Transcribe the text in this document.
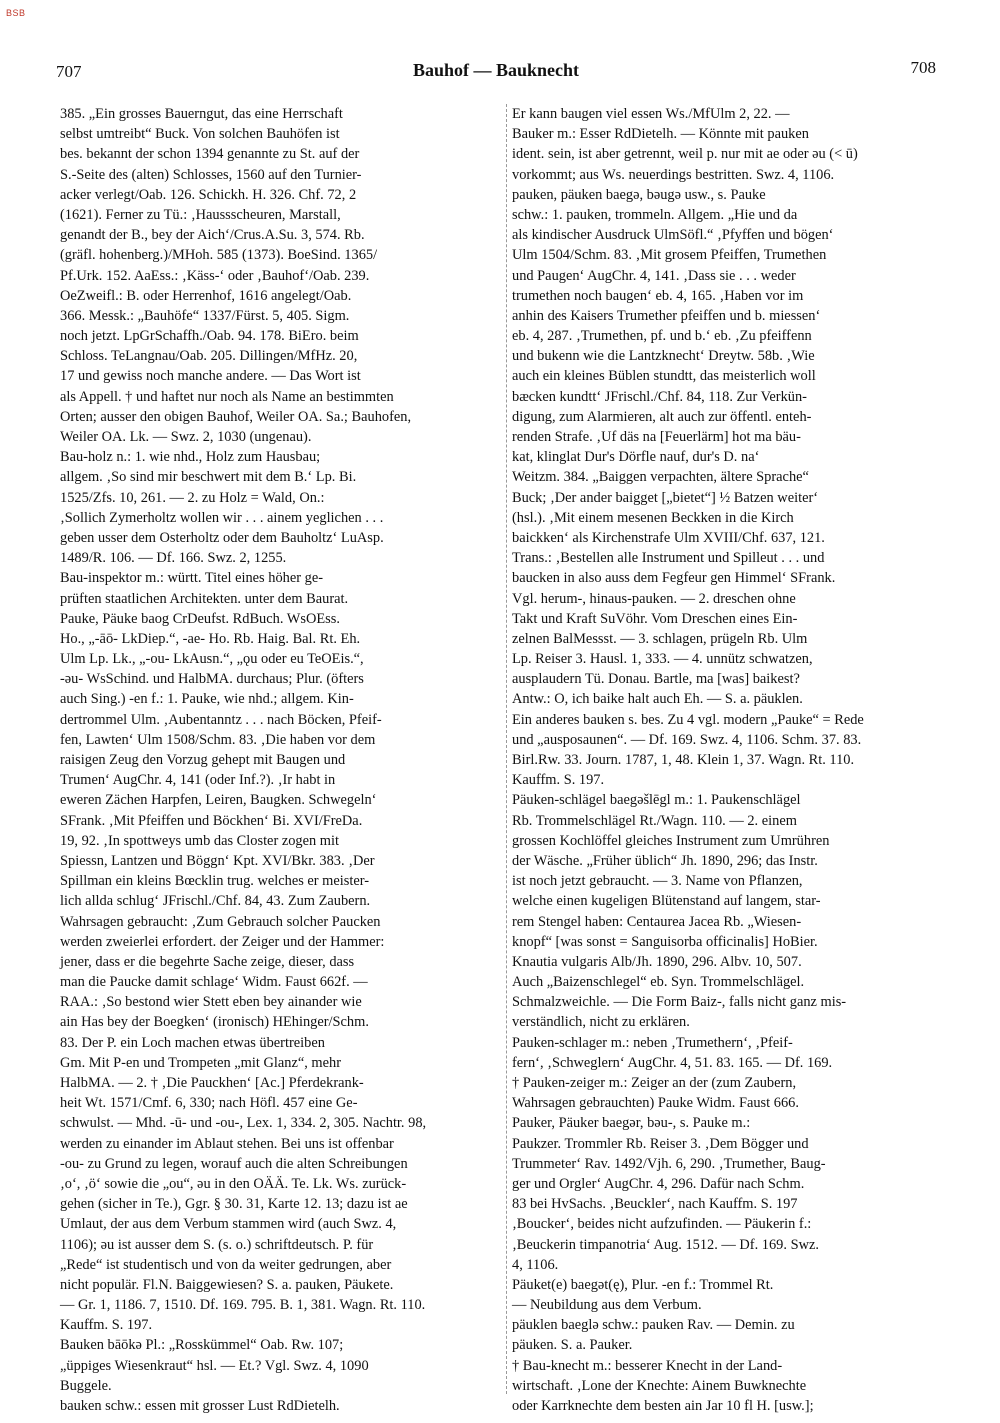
BSB
707	Bauhof — Bauknecht	708
385. „Ein grosses Bauerngut, das eine Herrschaft
selbst umtreibt“ Buck. Von solchen Bauhöfen ist
bes. bekannt der schon 1394 genannte zu St. auf der
S.-Seite des (alten) Schlosses, 1560 auf den Turnier-
acker verlegt/Oab. 126. Schickh. H. 326. Chf. 72, 2
(1621). Ferner zu Tü.: ‚Haussscheuren, Marstall,
genandt der B., bey der Aich‘/Crus.A.Su. 3, 574. Rb.
(gräfl. hohenberg.)/MHoh. 585 (1373). BoeSind. 1365/
Pf.Urk. 152. AaEss.: ‚Käss-‘ oder ‚Bauhof‘/Oab. 239.
OeZweifl.: B. oder Herrenhof, 1616 angelegt/Oab.
366. Messk.: „Bauhöfe“ 1337/Fürst. 5, 405. Sigm.
noch jetzt. LpGrSchaffh./Oab. 94. 178. BiEro. beim
Schloss. TeLangnau/Oab. 205. Dillingen/MfHz. 20,
17 und gewiss noch manche andere. — Das Wort ist
als Appell. † und haftet nur noch als Name an bestimmten
Orten; ausser den obigen Bauhof, Weiler OA. Sa.; Bauhofen,
Weiler OA. Lk. — Swz. 2, 1030 (ungenau).
Bau-holz n.: 1. wie nhd., Holz zum Hausbau;
allgem. ‚So sind mir beschwert mit dem B.‘ Lp. Bi.
1525/Zfs. 10, 261. — 2. zu Holz = Wald, On.:
‚Sollich Zymerholtz wollen wir . . . ainem yeglichen . . .
geben usser dem Osterholtz oder dem Bauholtz‘ LuAsp.
1489/R. 106. — Df. 166. Swz. 2, 1255.
Bau-inspektor m.: württ. Titel eines höher ge-
prüften staatlichen Architekten. unter dem Baurat.
Pauke, Päuke baog CrDeufst. RdBuch. WsOEss.
Ho., „-āō- LkDiep.“, -ae- Ho. Rb. Haig. Bal. Rt. Eh.
Ulm Lp. Lk., „-ou- LkAusn.“, „ǫu oder eu TeOEis.“,
-əu- WsSchind. und HalbMA. durchaus; Plur. (öfters
auch Sing.) -en f.: 1. Pauke, wie nhd.; allgem. Kin-
dertrommel Ulm. ‚Aubentanntz . . . nach Böcken, Pfeif-
fen, Lawten‘ Ulm 1508/Schm. 83. ‚Die haben vor dem
raisigen Zeug den Vorzug gehept mit Baugen und
Trumen‘ AugChr. 4, 141 (oder Inf.?). ‚Ir habt in
eweren Zächen Harpfen, Leiren, Baugken. Schwegeln‘
SFrank. ‚Mit Pfeiffen und Böckhen‘ Bi. XVI/FreDa.
19, 92. ‚In spottweys umb das Closter zogen mit
Spiessn, Lantzen und Böggn‘ Kpt. XVI/Bkr. 383. ‚Der
Spillman ein kleins Bœcklin trug. welches er meister-
lich allda schlug‘ JFrischl./Chf. 84, 43. Zum Zaubern.
Wahrsagen gebraucht: ‚Zum Gebrauch solcher Paucken
werden zweierlei erfordert. der Zeiger und der Hammer:
jener, dass er die begehrte Sache zeige, dieser, dass
man die Paucke damit schlage‘ Widm. Faust 662f. —
RAA.: ‚So bestond wier Stett eben bey ainander wie
ain Has bey der Boegken‘ (ironisch) HEhinger/Schm.
83. Der P. ein Loch machen etwas übertreiben
Gm. Mit P-en und Trompeten „mit Glanz“, mehr
HalbMA. — 2. † ‚Die Pauckhen‘ [Ac.] Pferdekrank-
heit Wt. 1571/Cmf. 6, 330; nach Höfl. 457 eine Ge-
schwulst. — Mhd. -ū- und -ou-, Lex. 1, 334. 2, 305. Nachtr. 98,
werden zu einander im Ablaut stehen. Bei uns ist offenbar
-ou- zu Grund zu legen, worauf auch die alten Schreibungen
‚o‘, ‚ö‘ sowie die „ou“, əu in den OÄÄ. Te. Lk. Ws. zurück-
gehen (sicher in Te.), Ggr. § 30. 31, Karte 12. 13; dazu ist ae
Umlaut, der aus dem Verbum stammen wird (auch Swz. 4,
1106); əu ist ausser dem S. (s. o.) schriftdeutsch. P. für
„Rede“ ist studentisch und von da weiter gedrungen, aber
nicht populär. Fl.N. Baiggewiesen? S. a. pauken, Päukete.
— Gr. 1, 1186. 7, 1510. Df. 169. 795. B. 1, 381. Wagn. Rt. 110.
Kauffm. S. 197.
Bauken bāōkə Pl.: „Rosskümmel“ Oab. Rw. 107;
„üppiges Wiesenkraut“ hsl. — Et.? Vgl. Swz. 4, 1090
Buggele.
bauken schw.: essen mit grosser Lust RdDietelh.
Er kann baugen viel essen Ws./MfUlm 2, 22. —
Bauker m.: Esser RdDietelh. — Könnte mit pauken
ident. sein, ist aber getrennt, weil p. nur mit ae oder əu (< ū)
vorkommt; aus Ws. neuerdings bestritten. Swz. 4, 1106.
pauken, päuken baegə, bəugə usw., s. Pauke
schw.: 1. pauken, trommeln. Allgem. „Hie und da
als kindischer Ausdruck UlmSöfl.“ ‚Pfyffen und bögen‘
Ulm 1504/Schm. 83. ‚Mit grosem Pfeiffen, Trumethen
und Paugen‘ AugChr. 4, 141. ‚Dass sie . . . weder
trumethen noch baugen‘ eb. 4, 165. ‚Haben vor im
anhin des Kaisers Trumether pfeiffen und b. miessen‘
eb. 4, 287. ‚Trumethen, pf. und b.‘ eb. ‚Zu pfeiffenn
und bukenn wie die Lantzknecht‘ Dreytw. 58b. ‚Wie
auch ein kleines Büblen stundtt, das meisterlich woll
bæcken kundtt‘ JFrischl./Chf. 84, 118. Zur Verkün-
digung, zum Alarmieren, alt auch zur öffentl. enteh-
renden Strafe. ‚Uf däs na [Feuerlärm] hot ma bäu-
kat, klinglat Dur's Dörfle nauf, dur's D. na‘
Weitzm. 384. „Baiggen verpachten, ältere Sprache“
Buck; ‚Der ander baigget [„bietet“] ½ Batzen weiter‘
(hsl.). ‚Mit einem mesenen Beckken in die Kirch
baickken‘ als Kirchenstrafe Ulm XVIII/Chf. 637, 121.
Trans.: ‚Bestellen alle Instrument und Spilleut . . . und
baucken in also auss dem Fegfeur gen Himmel‘ SFrank.
Vgl. herum-, hinaus-pauken. — 2. dreschen ohne
Takt und Kraft SuVöhr. Vom Dreschen eines Ein-
zelnen BalMessst. — 3. schlagen, prügeln Rb. Ulm
Lp. Reiser 3. Hausl. 1, 333. — 4. unnütz schwatzen,
ausplaudern Tü. Donau. Bartle, ma [was] baikest?
Antw.: O, ich baike halt auch Eh. — S. a. päuklen.
Ein anderes bauken s. bes. Zu 4 vgl. modern „Pauke“ = Rede
und „ausposaunen“. — Df. 169. Swz. 4, 1106. Schm. 37. 83.
Birl.Rw. 33. Journ. 1787, 1, 48. Klein 1, 37. Wagn. Rt. 110.
Kauffm. S. 197.
Päuken-schlägel baegəšlēgl m.: 1. Paukenschlägel
Rb. Trommelschlägel Rt./Wagn. 110. — 2. einem
grossen Kochlöffel gleiches Instrument zum Umrühren
der Wäsche. „Früher üblich“ Jh. 1890, 296; das Instr.
ist noch jetzt gebraucht. — 3. Name von Pflanzen,
welche einen kugeligen Blütenstand auf langem, star-
rem Stengel haben: Centaurea Jacea Rb. „Wiesen-
knopf“ [was sonst = Sanguisorba officinalis] HoBier.
Knautia vulgaris Alb/Jh. 1890, 296. Albv. 10, 507.
Auch „Baizenschlegel“ eb. Syn. Trommelschlägel.
Schmalzweichle. — Die Form Baiz-, falls nicht ganz mis-
verständlich, nicht zu erklären.
Pauken-schlager m.: neben ‚Trumethern‘, ‚Pfeif-
fern‘, ‚Schweglern‘ AugChr. 4, 51. 83. 165. — Df. 169.
† Pauken-zeiger m.: Zeiger an der (zum Zaubern,
Wahrsagen gebrauchten) Pauke Widm. Faust 666.
Pauker, Päuker baegər, bəu-, s. Pauke m.:
Paukzer. Trommler Rb. Reiser 3. ‚Dem Bögger und
Trummeter‘ Rav. 1492/Vjh. 6, 290. ‚Trumether, Baug-
ger und Orgler‘ AugChr. 4, 296. Dafür nach Schm.
83 bei HvSachs. ‚Beuckler‘, nach Kauffm. S. 197
‚Boucker‘, beides nicht aufzufinden. — Päukerin f.:
‚Beuckerin timpanotria‘ Aug. 1512. — Df. 169. Swz.
4, 1106.
Päuket(e) baegət(ę), Plur. -en f.: Trommel Rt.
— Neubildung aus dem Verbum.
päuklen baeglə schw.: pauken Rav. — Demin. zu
päuken. S. a. Pauker.
† Bau-knecht m.: besserer Knecht in der Land-
wirtschaft. ‚Lone der Knechte: Ainem Buwknechte
oder Karrknechte dem besten ain Jar 10 fl H. [usw.];
